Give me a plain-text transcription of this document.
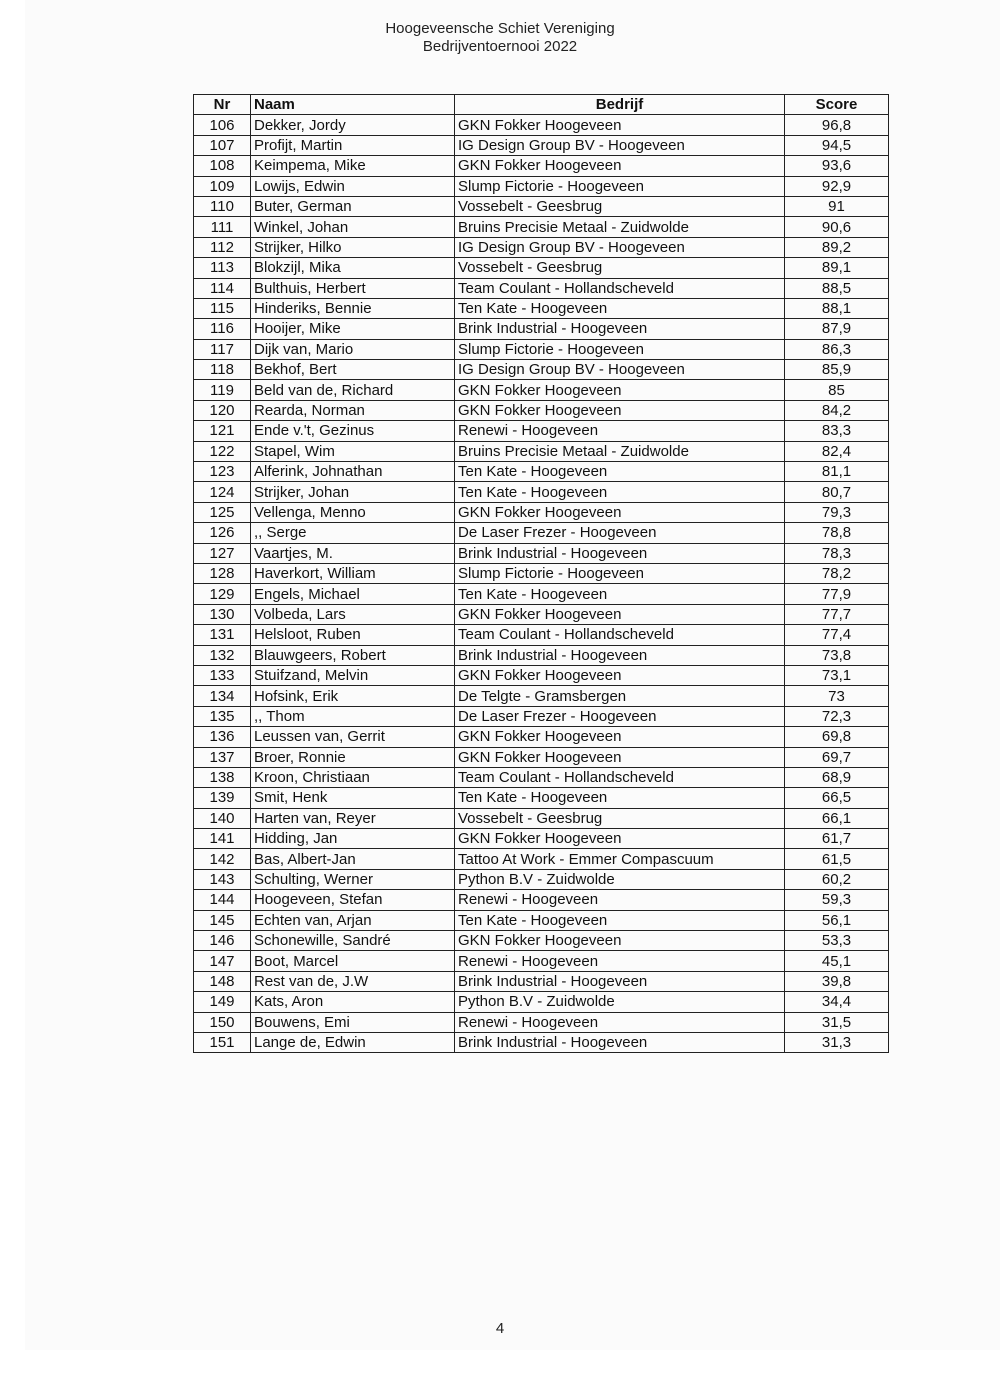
Hoogeveensche Schiet Vereniging
Bedrijventoernooi 2022
Nr	Naam	Bedrijf	Score
106	Dekker, Jordy	GKN Fokker Hoogeveen	96,8
107	Profijt, Martin	IG Design Group BV - Hoogeveen	94,5
108	Keimpema, Mike	GKN Fokker Hoogeveen	93,6
109	Lowijs, Edwin	Slump Fictorie - Hoogeveen	92,9
110	Buter, German	Vossebelt - Geesbrug	91
111	Winkel, Johan	Bruins Precisie Metaal - Zuidwolde	90,6
112	Strijker, Hilko	IG Design Group BV - Hoogeveen	89,2
113	Blokzijl, Mika	Vossebelt - Geesbrug	89,1
114	Bulthuis, Herbert	Team Coulant - Hollandscheveld	88,5
115	Hinderiks, Bennie	Ten Kate - Hoogeveen	88,1
116	Hooijer, Mike	Brink Industrial - Hoogeveen	87,9
117	Dijk van, Mario	Slump Fictorie - Hoogeveen	86,3
118	Bekhof, Bert	IG Design Group BV - Hoogeveen	85,9
119	Beld van de, Richard	GKN Fokker Hoogeveen	85
120	Rearda, Norman	GKN Fokker Hoogeveen	84,2
121	Ende v.'t, Gezinus	Renewi - Hoogeveen	83,3
122	Stapel, Wim	Bruins Precisie Metaal - Zuidwolde	82,4
123	Alferink, Johnathan	Ten Kate - Hoogeveen	81,1
124	Strijker, Johan	Ten Kate - Hoogeveen	80,7
125	Vellenga, Menno	GKN Fokker Hoogeveen	79,3
126	,, Serge	De Laser Frezer - Hoogeveen	78,8
127	Vaartjes, M.	Brink Industrial - Hoogeveen	78,3
128	Haverkort, William	Slump Fictorie - Hoogeveen	78,2
129	Engels, Michael	Ten Kate - Hoogeveen	77,9
130	Volbeda, Lars	GKN Fokker Hoogeveen	77,7
131	Helsloot, Ruben	Team Coulant - Hollandscheveld	77,4
132	Blauwgeers, Robert	Brink Industrial - Hoogeveen	73,8
133	Stuifzand, Melvin	GKN Fokker Hoogeveen	73,1
134	Hofsink, Erik	De Telgte - Gramsbergen	73
135	,, Thom	De Laser Frezer - Hoogeveen	72,3
136	Leussen van, Gerrit	GKN Fokker Hoogeveen	69,8
137	Broer, Ronnie	GKN Fokker Hoogeveen	69,7
138	Kroon, Christiaan	Team Coulant - Hollandscheveld	68,9
139	Smit, Henk	Ten Kate - Hoogeveen	66,5
140	Harten van, Reyer	Vossebelt - Geesbrug	66,1
141	Hidding, Jan	GKN Fokker Hoogeveen	61,7
142	Bas, Albert-Jan	Tattoo At Work - Emmer Compascuum	61,5
143	Schulting, Werner	Python B.V - Zuidwolde	60,2
144	Hoogeveen, Stefan	Renewi - Hoogeveen	59,3
145	Echten van, Arjan	Ten Kate - Hoogeveen	56,1
146	Schonewille, Sandré	GKN Fokker Hoogeveen	53,3
147	Boot, Marcel	Renewi - Hoogeveen	45,1
148	Rest van de, J.W	Brink Industrial - Hoogeveen	39,8
149	Kats, Aron	Python B.V - Zuidwolde	34,4
150	Bouwens, Emi	Renewi - Hoogeveen	31,5
151	Lange de, Edwin	Brink Industrial - Hoogeveen	31,3
4
